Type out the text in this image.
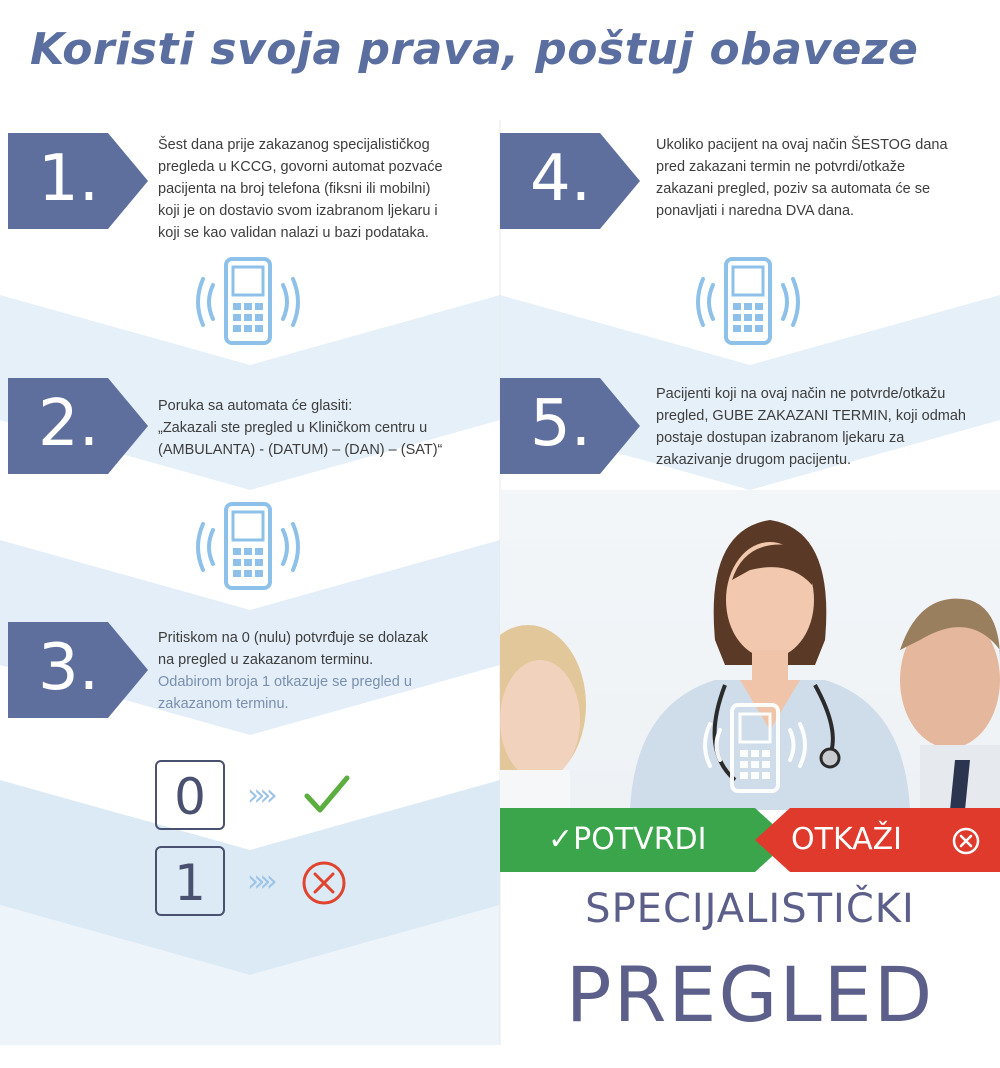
Koristi svoja prava, poštuj obaveze
1.	Šest dana prije zakazanog specijalističkog

pregleda u KCCG, govorni automat pozvaće

pacijenta na broj telefona (fiksni ili mobilni)

koji je on dostavio svom izabranom ljekaru i

koji se kao validan nalazi u bazi podataka.

2.	Poruka sa automata će glasiti:

„Zakazali ste pregled u Kliničkom centru u

(AMBULANTA) - (DATUM) – (DAN) – (SAT)“

3.	Pritiskom na 0 (nulu) potvrđuje se dolazak

na pregled u zakazanom terminu.

Odabirom broja 1 otkazuje se pregled u

zakazanom terminu.

0	»»
1	»»
4.	Ukoliko pacijent na ovaj način ŠESTOG dana

pred zakazani termin ne potvrdi/otkaže

zakazani pregled, poziv sa automata će se

ponavljati i naredna DVA dana.

5.	Pacijenti koji na ovaj način ne potvrde/otkažu

pregled, GUBE ZAKAZANI TERMIN, koji odmah

postaje dostupan izabranom ljekaru za

zakazivanje drugom pacijentu.

✓POTVRDI	OTKAŽI
SPECIJALISTIČKI
PREGLED
